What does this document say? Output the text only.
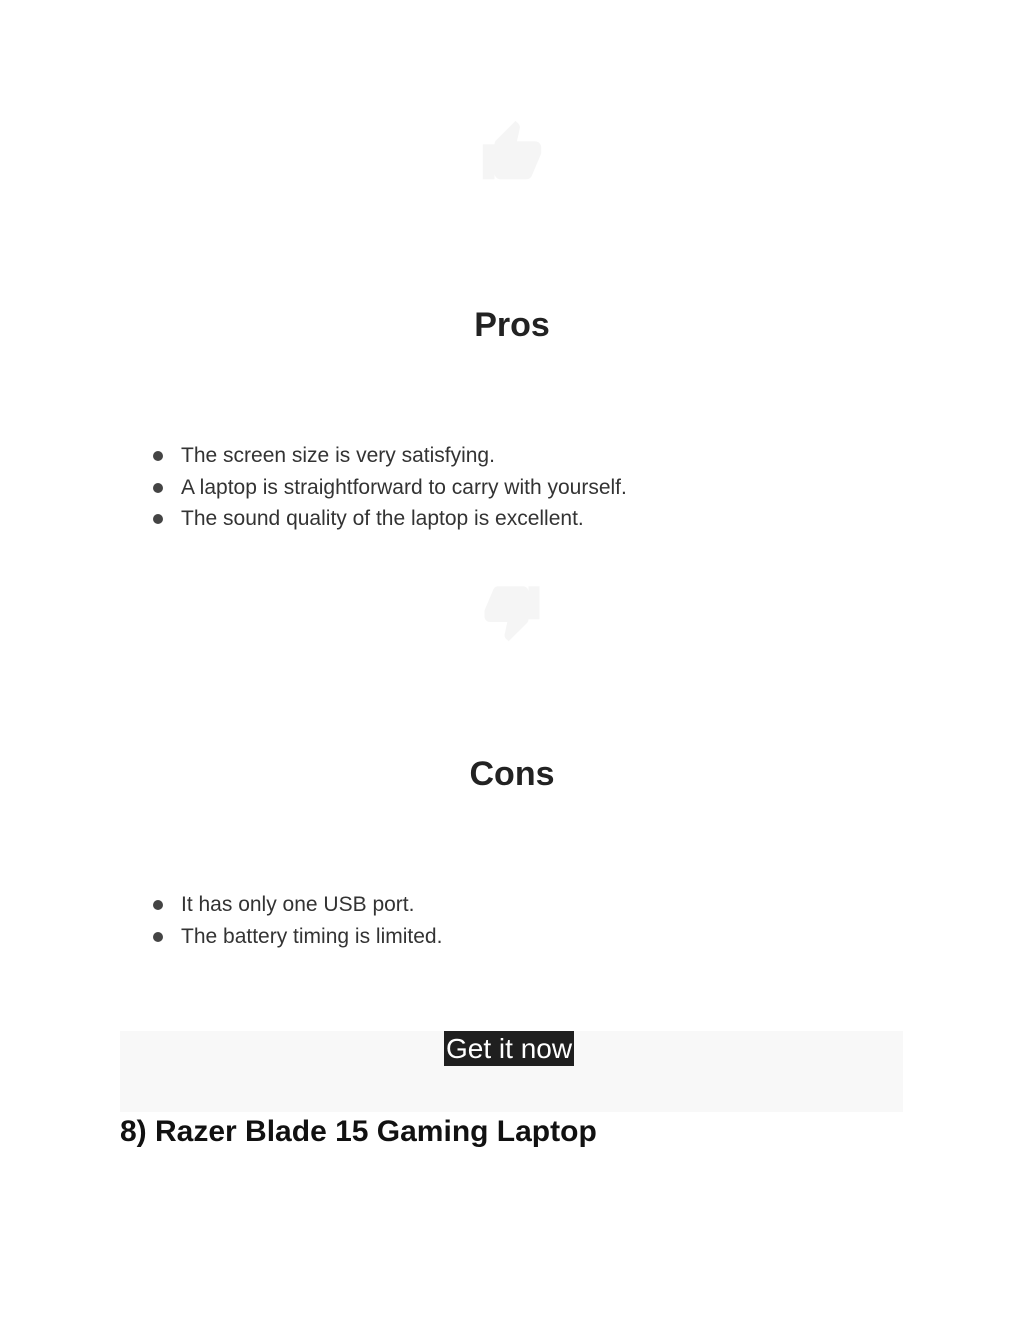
Pros
The screen size is very satisfying.
A laptop is straightforward to carry with yourself.
The sound quality of the laptop is excellent.
Cons
It has only one USB port.
The battery timing is limited.
Get it now
8) Razer Blade 15 Gaming Laptop
